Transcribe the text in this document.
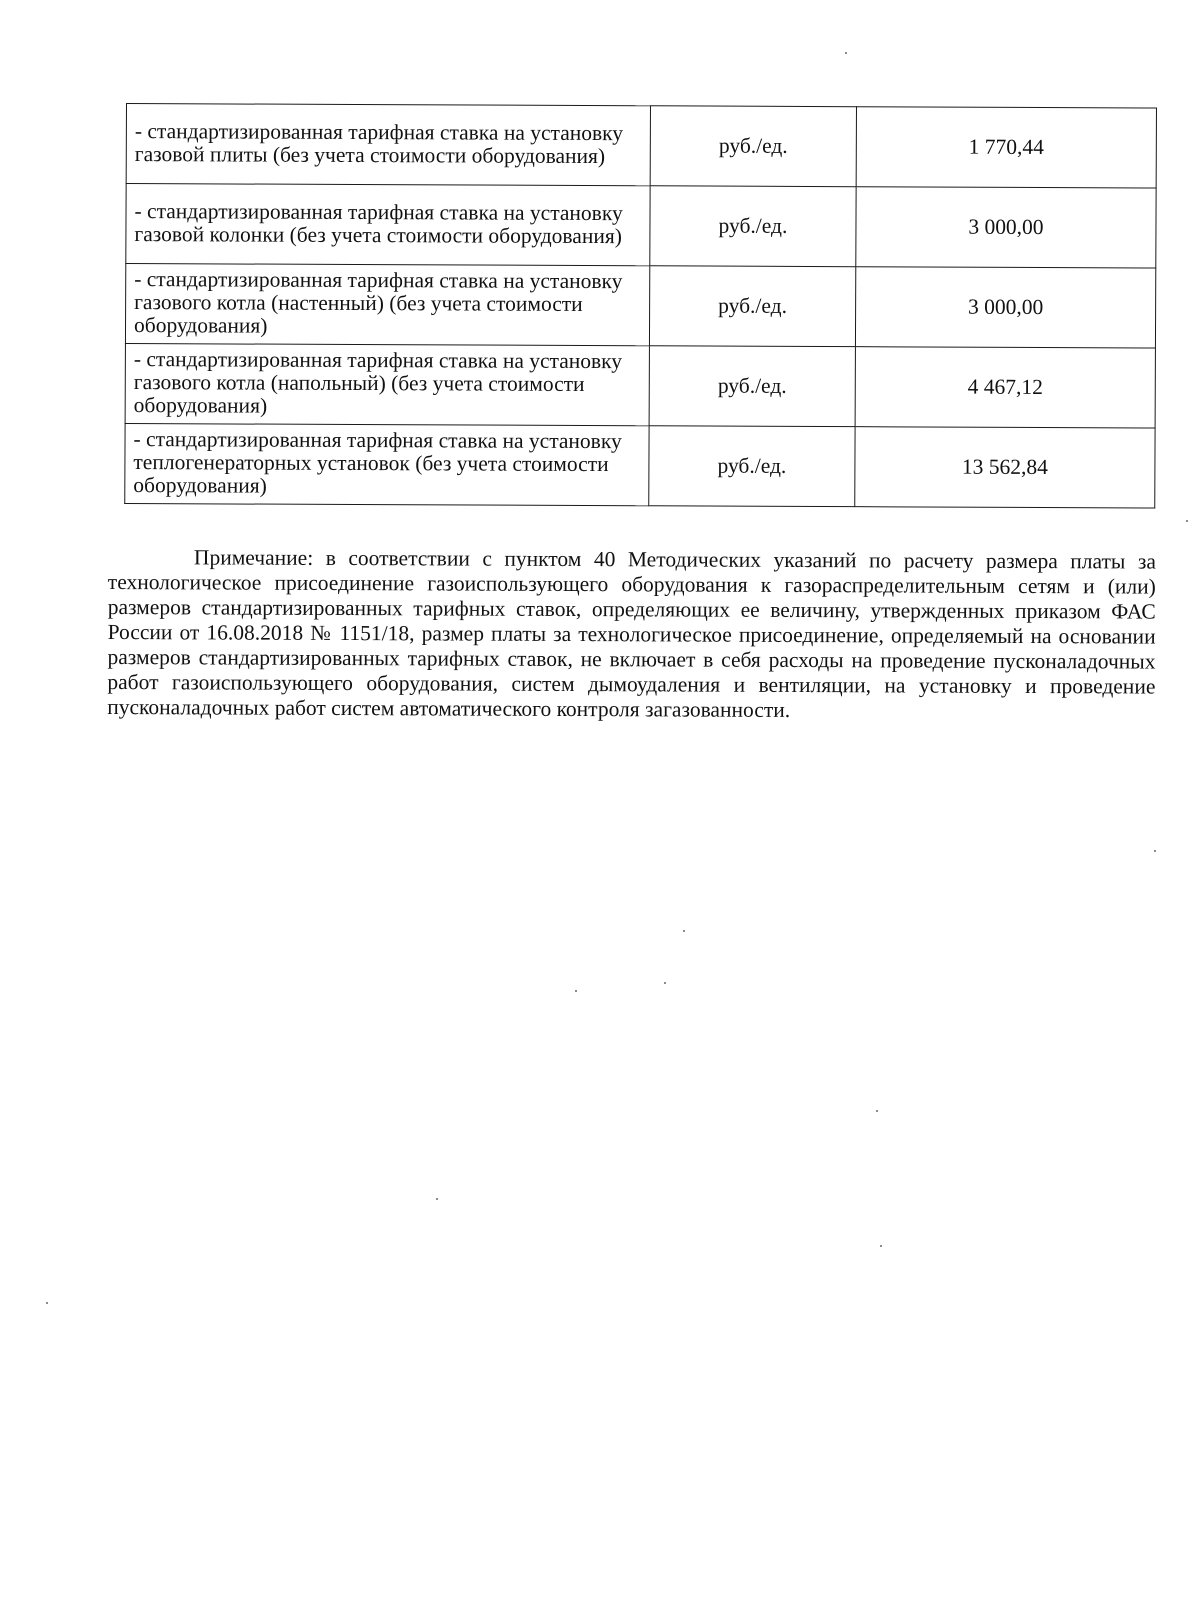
- стандартизированная тарифная ставка на установку газовой плиты (без учета стоимости оборудования)	руб./ед.	1 770,44
- стандартизированная тарифная ставка на установку газовой колонки (без учета стоимости оборудования)	руб./ед.	3 000,00
- стандартизированная тарифная ставка на установку газового котла (настенный) (без учета стоимости оборудования)	руб./ед.	3 000,00
- стандартизированная тарифная ставка на установку газового котла (напольный) (без учета стоимости оборудования)	руб./ед.	4 467,12
- стандартизированная тарифная ставка на установку теплогенераторных установок (без учета стоимости оборудования)	руб./ед.	13 562,84

Примечание: в соответствии с пунктом 40 Методических указаний по расчету размера платы за технологическое присоединение газоиспользующего оборудования к газораспределительным сетям и (или) размеров стандартизированных тарифных ставок, определяющих ее величину, утвержденных приказом ФАС России от 16.08.2018 № 1151/18, размер платы за технологическое присоединение, определяемый на основании размеров стандартизированных тарифных ставок, не включает в себя расходы на проведение пусконаладочных работ газоиспользующего оборудования, систем дымоудаления и вентиляции, на установку и проведение пусконаладочных работ систем автоматического контроля загазованности.
